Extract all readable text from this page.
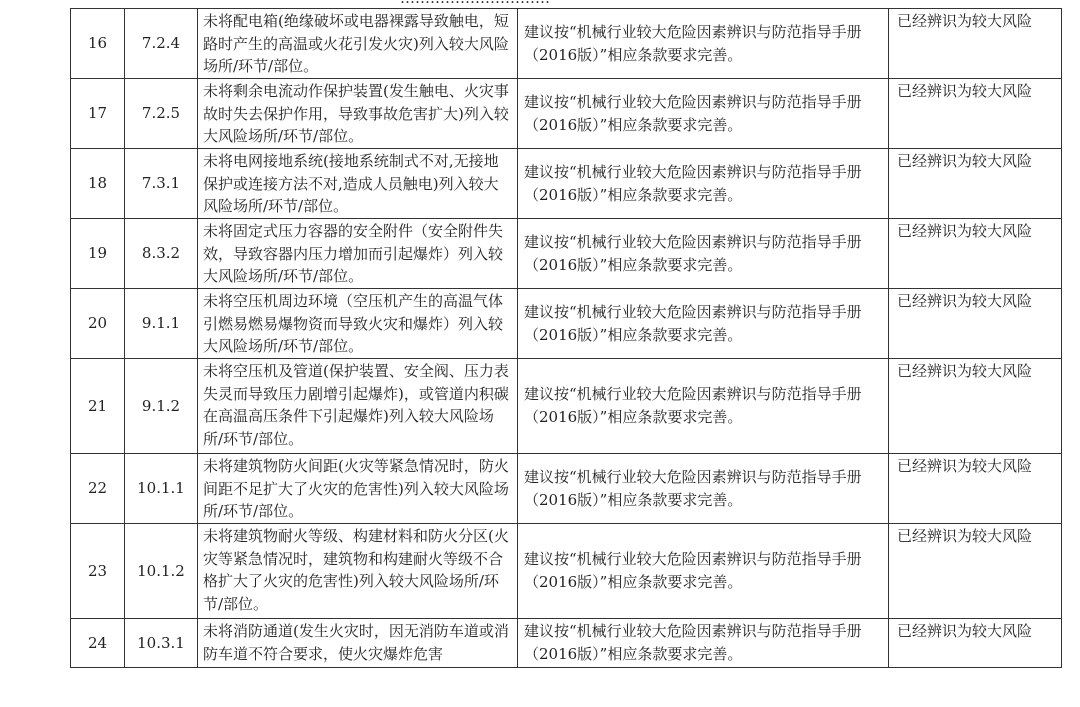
16	7.2.4	未将配电箱(绝缘破坏或电器裸露导致触电，短路时产生的高温或火花引发火灾)列入较大风险场所/环节/部位。	建议按“机械行业较大危险因素辨识与防范指导手册（2016版）”相应条款要求完善。	已经辨识为较大风险
17	7.2.5	未将剩余电流动作保护装置(发生触电、火灾事故时失去保护作用，导致事故危害扩大)列入较大风险场所/环节/部位。	建议按“机械行业较大危险因素辨识与防范指导手册（2016版）”相应条款要求完善。	已经辨识为较大风险
18	7.3.1	未将电网接地系统(接地系统制式不对,无接地保护或连接方法不对,造成人员触电)列入较大风险场所/环节/部位。	建议按“机械行业较大危险因素辨识与防范指导手册（2016版）”相应条款要求完善。	已经辨识为较大风险
19	8.3.2	未将固定式压力容器的安全附件（安全附件失效，导致容器内压力增加而引起爆炸）列入较大风险场所/环节/部位。	建议按“机械行业较大危险因素辨识与防范指导手册（2016版）”相应条款要求完善。	已经辨识为较大风险
20	9.1.1	未将空压机周边环境（空压机产生的高温气体引燃易燃易爆物资而导致火灾和爆炸）列入较大风险场所/环节/部位。	建议按“机械行业较大危险因素辨识与防范指导手册（2016版）”相应条款要求完善。	已经辨识为较大风险
21	9.1.2	未将空压机及管道(保护装置、安全阀、压力表失灵而导致压力剧增引起爆炸)，或管道内积碳在高温高压条件下引起爆炸)列入较大风险场所/环节/部位。	建议按“机械行业较大危险因素辨识与防范指导手册（2016版）”相应条款要求完善。	已经辨识为较大风险
22	10.1.1	未将建筑物防火间距(火灾等紧急情况时，防火间距不足扩大了火灾的危害性)列入较大风险场所/环节/部位。	建议按“机械行业较大危险因素辨识与防范指导手册（2016版）”相应条款要求完善。	已经辨识为较大风险
23	10.1.2	未将建筑物耐火等级、构建材料和防火分区(火灾等紧急情况时，建筑物和构建耐火等级不合格扩大了火灾的危害性)列入较大风险场所/环节/部位。	建议按“机械行业较大危险因素辨识与防范指导手册（2016版）”相应条款要求完善。	已经辨识为较大风险
24	10.3.1	未将消防通道(发生火灾时，因无消防车道或消防车道不符合要求，使火灾爆炸危害	建议按“机械行业较大危险因素辨识与防范指导手册（2016版）”相应条款要求完善。	已经辨识为较大风险
